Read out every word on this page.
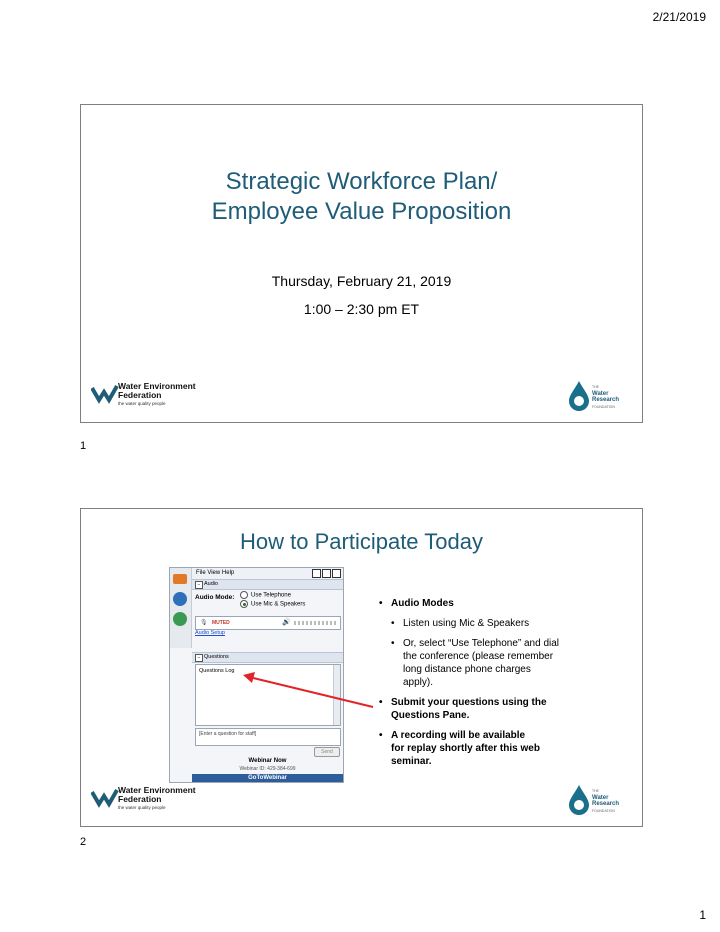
2/21/2019
Strategic Workforce Plan/
Employee Value Proposition
Thursday, February 21, 2019
1:00 – 2:30 pm ET
Water Environment
Federation
the water quality people
THE
Water
Research
FOUNDATION
1
How to Participate Today
File View Help
− Audio
Audio Mode:	Use Telephone
Use Mic & Speakers
🎙 MUTED	🔊
Audio Setup
− Questions
Questions Log
[Enter a question for staff]
Send
Webinar Now
Webinar ID: 429-384-699
GoToWebinar
• Audio Modes
• Listen using Mic & Speakers
• Or, select “Use Telephone” and dial the conference (please remember long distance phone charges apply).
• Submit your questions using the Questions Pane.
• A recording will be available for replay shortly after this web seminar.
Water Environment
Federation
the water quality people
THE
Water
Research
FOUNDATION
2
1
